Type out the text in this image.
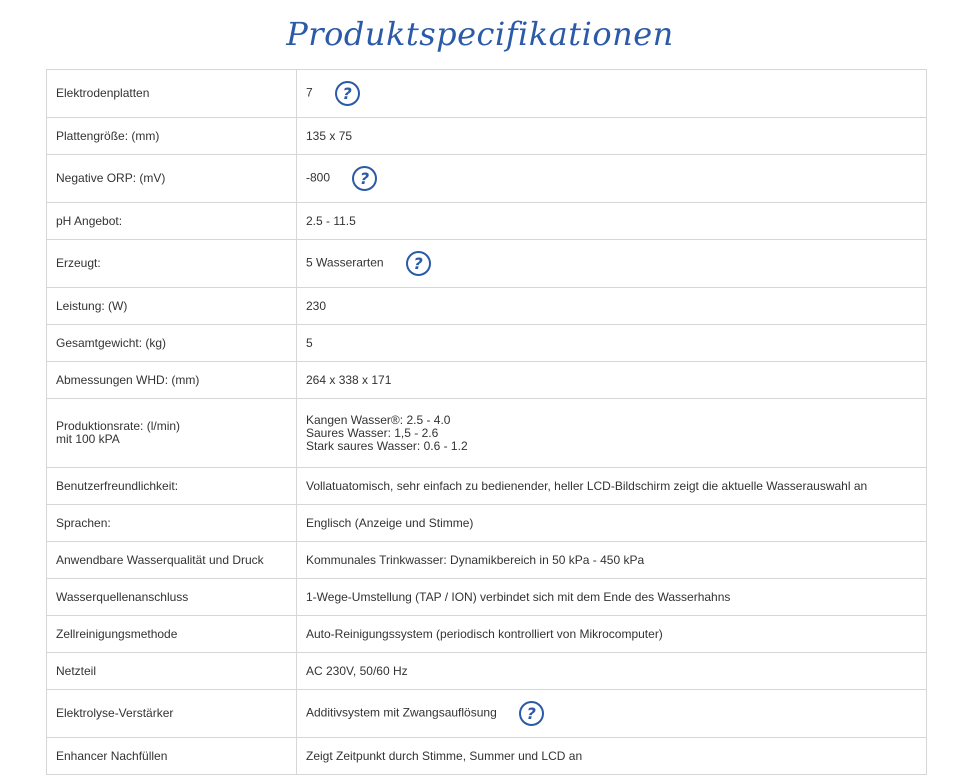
Produktspecifikationen
Elektrodenplatten	7 ?
Plattengröße: (mm)	135 x 75
Negative ORP: (mV)	-800 ?
pH Angebot:	2.5 - 11.5
Erzeugt:	5 Wasserarten ?
Leistung: (W)	230
Gesamtgewicht: (kg)	5
Abmessungen WHD: (mm)	264 x 338 x 171
Produktionsrate: (l/min)
mit 100 kPA	Kangen Wasser®: 2.5 - 4.0
Saures Wasser: 1,5 - 2.6
Stark saures Wasser: 0.6 - 1.2

Benutzerfreundlichkeit:	Vollatuatomisch, sehr einfach zu bedienender, heller LCD-Bildschirm zeigt die aktuelle Wasserauswahl an
Sprachen:	Englisch (Anzeige und Stimme)
Anwendbare Wasserqualität und Druck	Kommunales Trinkwasser: Dynamikbereich in 50 kPa - 450 kPa
Wasserquellenanschluss	1-Wege-Umstellung (TAP / ION) verbindet sich mit dem Ende des Wasserhahns
Zellreinigungsmethode	Auto-Reinigungssystem (periodisch kontrolliert von Mikrocomputer)
Netzteil	AC 230V, 50/60 Hz
Elektrolyse-Verstärker	Additivsystem mit Zwangsauflösung ?
Enhancer Nachfüllen	Zeigt Zeitpunkt durch Stimme, Summer und LCD an
